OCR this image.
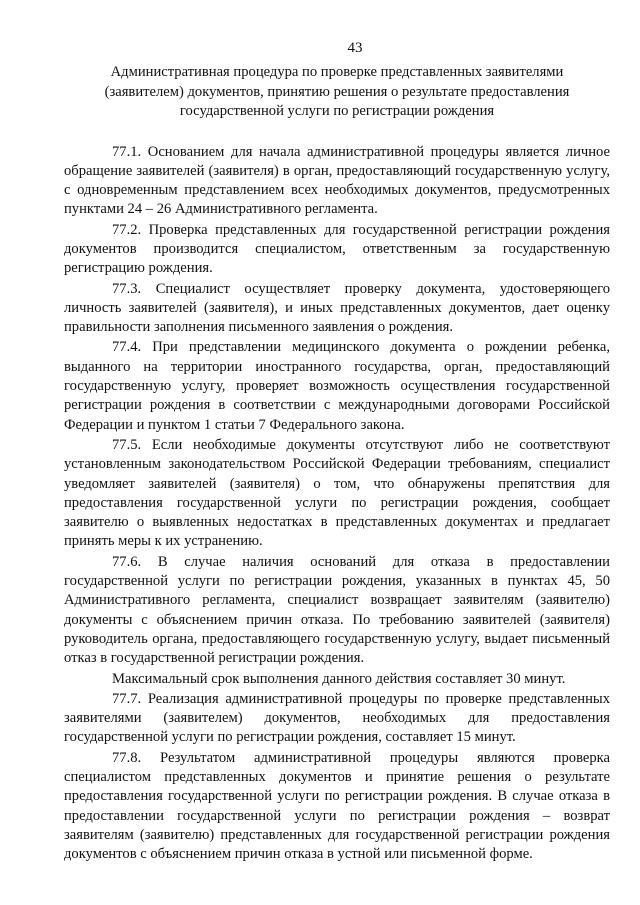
43
Административная процедура по проверке представленных заявителями
(заявителем) документов, принятию решения о результате предоставления
государственной услуги по регистрации рождения

77.1. Основанием для начала административной процедуры является личное обращение заявителей (заявителя) в орган, предоставляющий государственную услугу, с одновременным представлением всех необходимых документов, предусмотренных пунктами 24 – 26 Административного регламента.

77.2. Проверка представленных для государственной регистрации рождения документов производится специалистом, ответственным за государственную регистрацию рождения.

77.3. Специалист осуществляет проверку документа, удостоверяющего личность заявителей (заявителя), и иных представленных документов, дает оценку правильности заполнения письменного заявления о рождения.

77.4. При представлении медицинского документа о рождении ребенка, выданного на территории иностранного государства, орган, предоставляющий государственную услугу, проверяет возможность осуществления государственной регистрации рождения в соответствии с международными договорами Российской Федерации и пунктом 1 статьи 7 Федерального закона.

77.5. Если необходимые документы отсутствуют либо не соответствуют установленным законодательством Российской Федерации требованиям, специалист уведомляет заявителей (заявителя) о том, что обнаружены препятствия для предоставления государственной услуги по регистрации рождения, сообщает заявителю о выявленных недостатках в представленных документах и предлагает принять меры к их устранению.

77.6. В случае наличия оснований для отказа в предоставлении государственной услуги по регистрации рождения, указанных в пунктах 45, 50 Административного регламента, специалист возвращает заявителям (заявителю) документы с объяснением причин отказа. По требованию заявителей (заявителя) руководитель органа, предоставляющего государственную услугу, выдает письменный отказ в государственной регистрации рождения.

Максимальный срок выполнения данного действия составляет 30 минут.

77.7. Реализация административной процедуры по проверке представленных заявителями (заявителем) документов, необходимых для предоставления государственной услуги по регистрации рождения, составляет 15 минут.

77.8. Результатом административной процедуры являются проверка специалистом представленных документов и принятие решения о результате предоставления государственной услуги по регистрации рождения. В случае отказа в предоставлении государственной услуги по регистрации рождения – возврат заявителям (заявителю) представленных для государственной регистрации рождения документов с объяснением причин отказа в устной или письменной форме.
